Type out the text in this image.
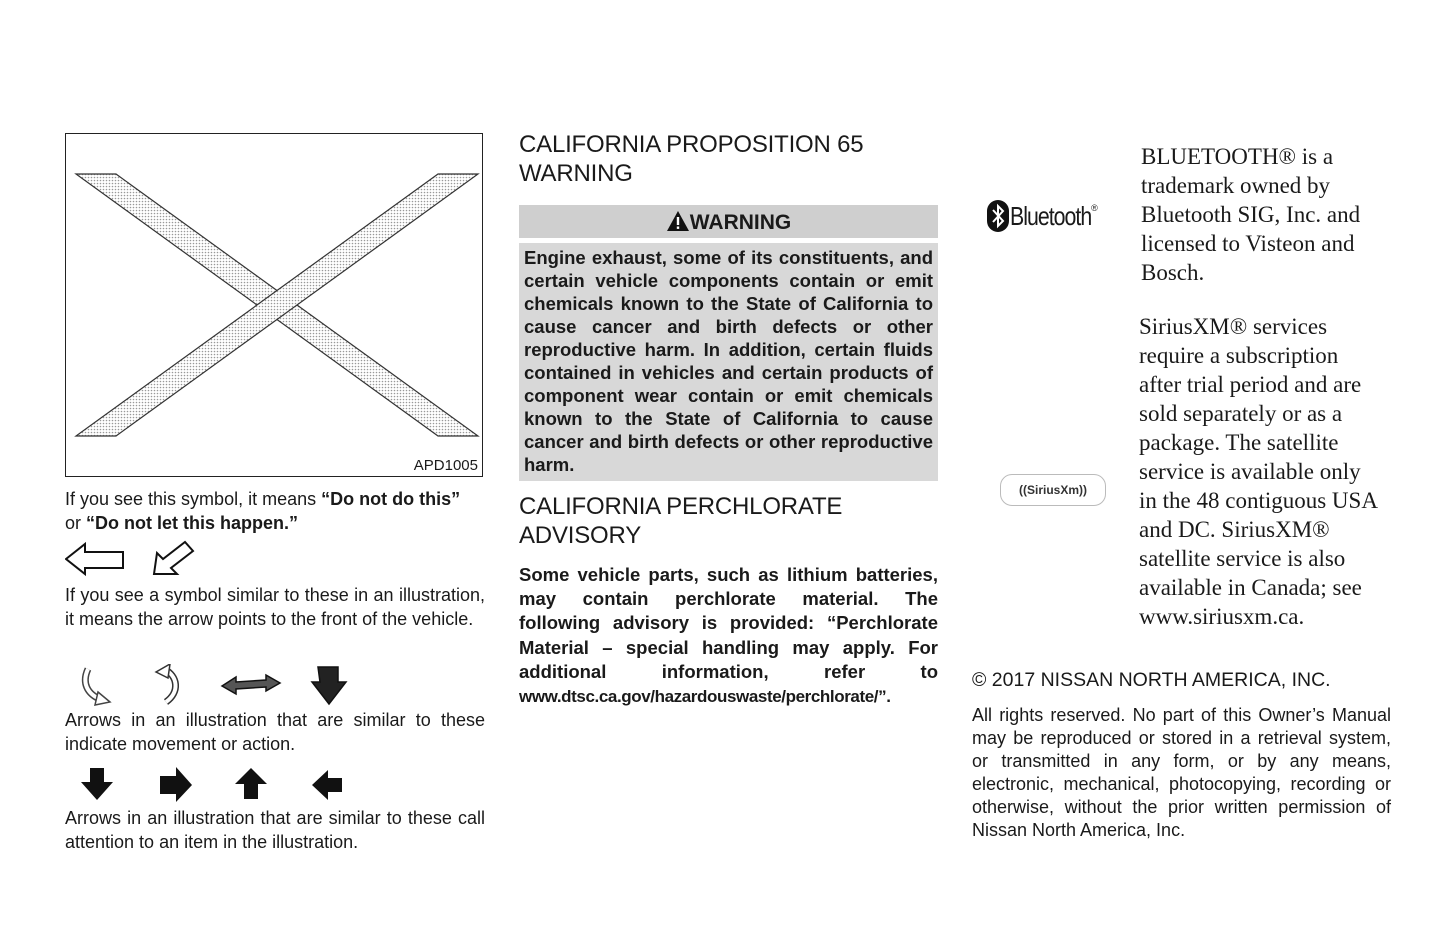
APD1005
If you see this symbol, it means “Do not do this”
or “Do not let this happen.”
If you see a symbol similar to these in an illustration, it means the arrow points to the front of the vehicle.
Arrows in an illustration that are similar to these indicate movement or action.
Arrows in an illustration that are similar to these call attention to an item in the illustration.
CALIFORNIA PROPOSITION 65
WARNING
WARNING
Engine exhaust, some of its constituents, and certain vehicle components contain or emit chemicals known to the State of California to cause cancer and birth defects or other reproductive harm. In addition, certain fluids contained in vehicles and certain products of component wear contain or emit chemicals known to the State of California to cause cancer and birth defects or other reproductive harm.
CALIFORNIA PERCHLORATE
ADVISORY
Some vehicle parts, such as lithium batteries, may contain perchlorate material. The following advisory is provided: “Perchlorate Material – special handling may apply. For additional information, refer to www.dtsc.ca.gov/hazardouswaste/perchlorate/”.
Bluetooth®
BLUETOOTH® is a trademark owned by Bluetooth SIG, Inc. and licensed to Visteon and Bosch.
((SiriusXm))
SiriusXM® services require a subscription after trial period and are sold separately or as a package. The satellite service is available only in the 48 contiguous USA and DC. SiriusXM® satellite service is also available in Canada; see www.siriusxm.ca.
© 2017 NISSAN NORTH AMERICA, INC.
All rights reserved. No part of this Owner’s Manual may be reproduced or stored in a retrieval system, or transmitted in any form, or by any means, electronic, mechanical, photocopying, recording or otherwise, without the prior written permission of Nissan North America, Inc.
